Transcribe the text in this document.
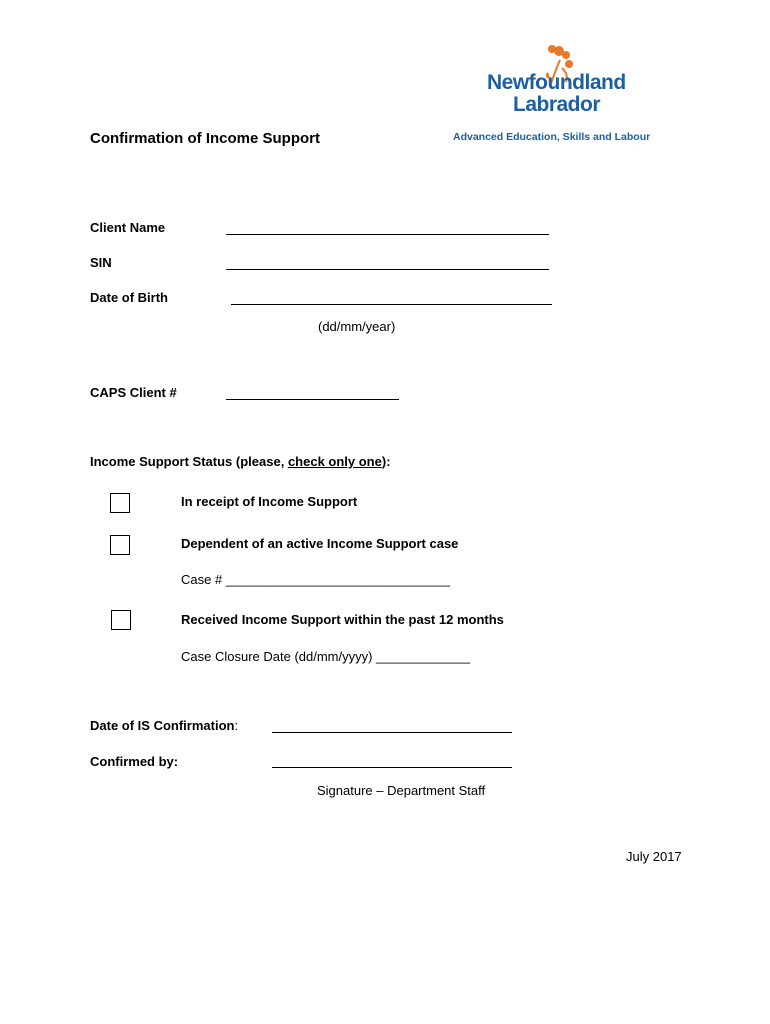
Newfoundland
Labrador
Advanced Education, Skills and Labour
Confirmation of Income Support
Client Name
SIN
Date of Birth
(dd/mm/year)
CAPS Client #
Income Support Status (please, check only one):
In receipt of Income Support
Dependent of an active Income Support case
Case # _______________________________
Received Income Support within the past 12 months
Case Closure Date (dd/mm/yyyy) _____________
Date of IS Confirmation:
Confirmed by:
Signature – Department Staff
July 2017
